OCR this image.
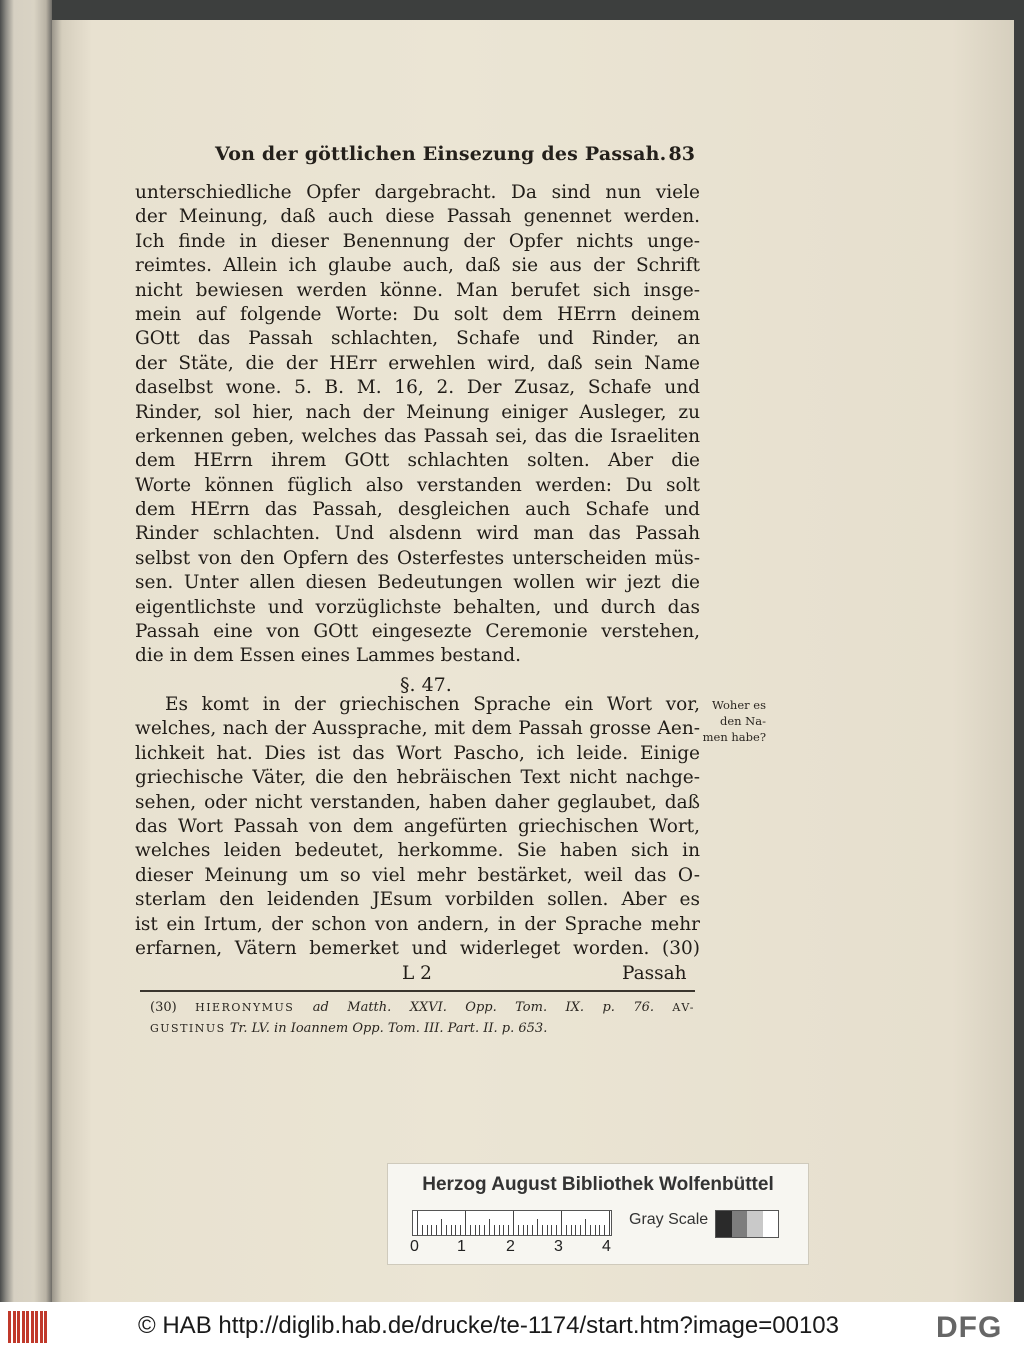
Von der göttlichen Einsezung des Passah. 83
unterschiedliche Opfer dargebracht. Da sind nun viele
der Meinung, daß auch diese Passah genennet werden.
Ich finde in dieser Benennung der Opfer nichts unge-
reimtes. Allein ich glaube auch, daß sie aus der Schrift
nicht bewiesen werden könne. Man berufet sich insge-
mein auf folgende Worte: Du solt dem HErrn deinem
GOtt das Passah schlachten, Schafe und Rinder, an
der Stäte, die der HErr erwehlen wird, daß sein Name
daselbst wone. 5. B. M. 16, 2. Der Zusaz, Schafe und
Rinder, sol hier, nach der Meinung einiger Ausleger, zu
erkennen geben, welches das Passah sei, das die Israeliten
dem HErrn ihrem GOtt schlachten solten. Aber die
Worte können füglich also verstanden werden: Du solt
dem HErrn das Passah, desgleichen auch Schafe und
Rinder schlachten. Und alsdenn wird man das Passah
selbst von den Opfern des Osterfestes unterscheiden müs-
sen. Unter allen diesen Bedeutungen wollen wir jezt die
eigentlichste und vorzüglichste behalten, und durch das
Passah eine von GOtt eingesezte Ceremonie verstehen,
die in dem Essen eines Lammes bestand.
§. 47.
Es komt in der griechischen Sprache ein Wort vor,
welches, nach der Aussprache, mit dem Passah grosse Aen-
lichkeit hat. Dies ist das Wort Pascho, ich leide. Einige
griechische Väter, die den hebräischen Text nicht nachge-
sehen, oder nicht verstanden, haben daher geglaubet, daß
das Wort Passah von dem angefürten griechischen Wort,
welches leiden bedeutet, herkomme. Sie haben sich in
dieser Meinung um so viel mehr bestärket, weil das O-
sterlam den leidenden JEsum vorbilden sollen. Aber es
ist ein Irtum, der schon von andern, in der Sprache mehr
erfarnen, Vätern bemerket und widerleget worden. (30)
Woher es
den Na-
men habe?
L 2	Passah
(30) HIERONYMUS ad Matth. XXVI. Opp. Tom. IX. p. 76. AV-
GUSTINUS Tr. LV. in Ioannem Opp. Tom. III. Part. II. p. 653.
Herzog August Bibliothek Wolfenbüttel
0 1	2 3 4
Gray Scale
© HAB http://diglib.hab.de/drucke/te-1174/start.htm?image=00103	DFG
